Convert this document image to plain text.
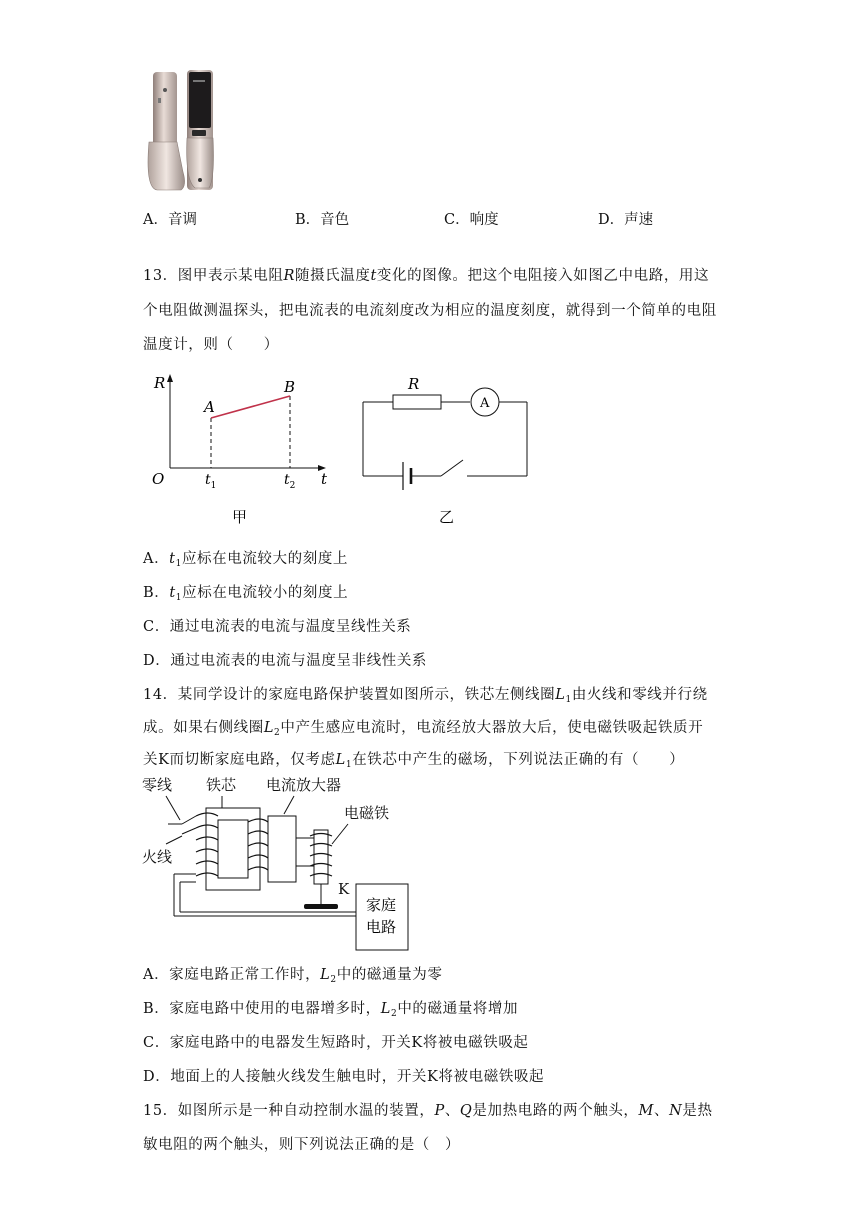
A．音调	B．音色	C．响度	D．声速
13．图甲表示某电阻R随摄氏温度t变化的图像。把这个电阻接入如图乙中电路，用这
个电阻做测温探头，把电流表的电流刻度改为相应的温度刻度，就得到一个简单的电阻
温度计，则（　　）
R
t
O
A
B
$t_1$	$t_2$
甲
A
R
乙
A．$t_1$应标在电流较大的刻度上
B．$t_1$应标在电流较小的刻度上
C．通过电流表的电流与温度呈线性关系
D．通过电流表的电流与温度呈非线性关系
14．某同学设计的家庭电路保护装置如图所示，铁芯左侧线圈$L_1$由火线和零线并行绕
成。如果右侧线圈$L_2$中产生感应电流时，电流经放大器放大后，使电磁铁吸起铁质开
关K而切断家庭电路，仅考虑$L_1$在铁芯中产生的磁场，下列说法正确的有（　　）
零线 铁芯 电流放大器
电磁铁
火线
K
家庭
电路
A．家庭电路正常工作时，$L_2$中的磁通量为零
B．家庭电路中使用的电器增多时，$L_2$中的磁通量将增加
C．家庭电路中的电器发生短路时，开关K将被电磁铁吸起
D．地面上的人接触火线发生触电时，开关K将被电磁铁吸起
15．如图所示是一种自动控制水温的装置，P、Q是加热电路的两个触头，M、N是热
敏电阻的两个触头，则下列说法正确的是（　）
